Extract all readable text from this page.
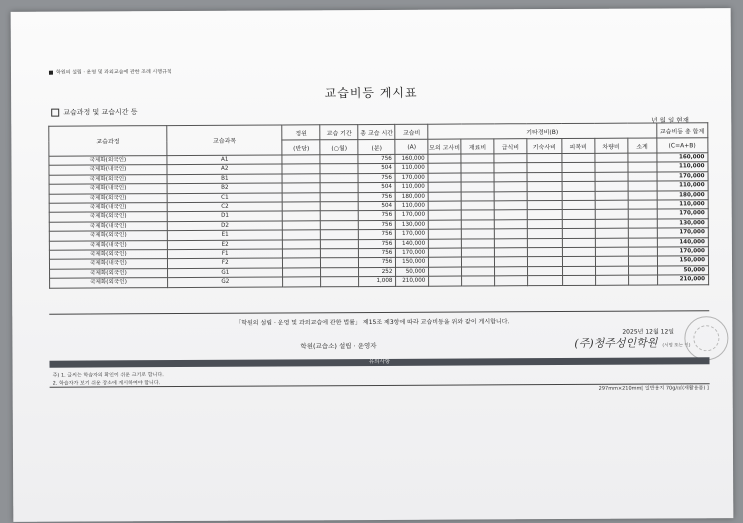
학원의 설립 · 운영 및 과외교습에 관한 조례 시행규칙
교습비등 게시표
교습과정 및 교습시간 등
년 월 일 현재
교습과정	교습과목	정원	교습 기간	총 교습 시간	교습비	기타경비(B)							교습비등 총 합계
		(반당)	(○월)	(분)	(A)	모의 고사비	재료비	급식비	기숙사비	피복비	차량비	소계	(C=A+B)
국제화(외국인)	A1			756	160,000								160,000
국제화(내국인)	A2			504	110,000								110,000
국제화(외국인)	B1			756	170,000								170,000
국제화(내국인)	B2			504	110,000								110,000
국제화(외국인)	C1			756	180,000								180,000
국제화(내국인)	C2			504	110,000								110,000
국제화(외국인)	D1			756	170,000								170,000
국제화(내국인)	D2			756	130,000								130,000
국제화(외국인)	E1			756	170,000								170,000
국제화(내국인)	E2			756	140,000								140,000
국제화(외국인)	F1			756	170,000								170,000
국제화(내국인)	F2			756	150,000								150,000
국제화(외국인)	G1			252	50,000								50,000
국제화(외국인)	G2			1,008	210,000								210,000
「학원의 설립 · 운영 및 과외교습에 관한 법률」 제15조 제3항에 따라 교습비등을 위와 같이 게시합니다.
2025년 12월 12일
학원(교습소) 설립 · 운영자	(주)청주성인학원 (서명 또는 인)
유의사항
주) 1. 글씨는 학습자의 확인이 쉬운 크기로 합니다.
2. 학습자가 보기 쉬운 장소에 게시하여야 합니다.
297mm×210mm[ 일반용지 70g/㎡(재활용품) ]
